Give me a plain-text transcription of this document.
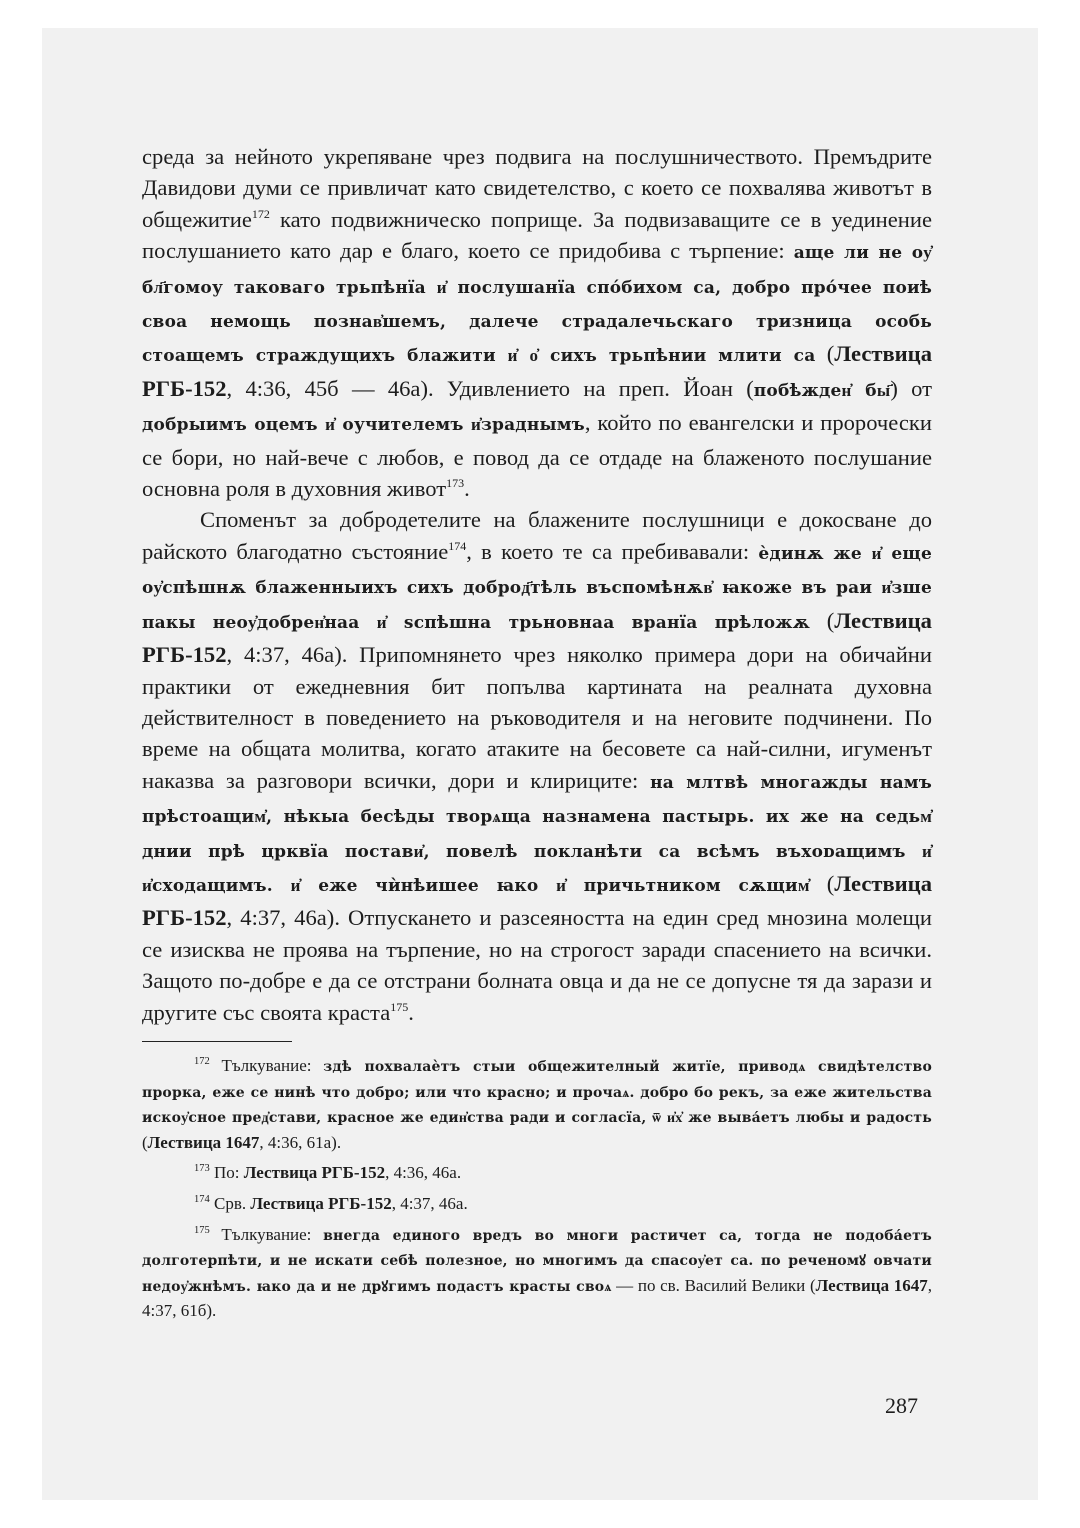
среда за нейното укрепяване чрез подвига на послушничеството. Премъдрите Давидови думи се привличат като свидетелство, с което се похвалява животът в общежитие$^{172}$ като подвижническо поприще. За подвизаващите се в уединение послушанието като дар е благо, което се придобива с търпение: аще ли не оу҆ бл҃гомоу таковаго трьпѣнїа и҆ послушанїа спо́бихом са, добро про́чее поиѣ своа немощь познав҆шемъ, далече страдалечьскаго тризница особь стоащемъ страждущихъ блажити и҆ о҆ сихъ трьпѣнии млити са (Лествица РГБ-152, 4:36, 45б — 46а). Удивлението на преп. Йоан (побѣжден҆ бы҃) от добрыимъ оцемъ и҆ оучителемъ и҆зраднымъ, който по евангелски и пророчески се бори, но най-вече с любов, е повод да се отдаде на блаженото послушание основна роля в духовния живот$^{173}$.

Споменът за добродетелите на блажените послушници е докосване до райското благодатно състояние$^{174}$, в което те са пребивавали: ѐдинѫ же и҆ еще оу҆спѣшнѫ блаженныихъ сихъ доброд҃тѣль въспомѣнѫв҆ ꙗкоже въ раи и҆зше пакы неоу҆добрен҆наа и҆ ѕспѣшна трьновнаа вранїа прѣложѫ (Лествица РГБ-152, 4:37, 46а). Припомнянето чрез няколко примера дори на обичайни практики от ежедневния бит попълва картината на реалната духовна действителност в поведението на ръководителя и на неговите подчинени. По време на общата молитва, когато атаките на бесовете са най-силни, игуменът наказва за разговори всички, дори и клириците: на млтвѣ многажды намъ прѣстоащим҆, нѣкыа бесѣды творѧща назнамена пастырь. их же на седьм҆ днии прѣ црквїа постави҆, повелѣ покланѣти са всѣмъ въхоᴅащимъ и҆ и҆сходащимъ. и҆ еже чѝнѣишее ꙗко и҆ причьтником сѫщим҆ (Лествица РГБ-152, 4:37, 46а). Отпускането и разсеяността на един сред мнозина молещи се изисква не проява на търпение, но на строгост заради спасението на всички. Защото по-добре е да се отстрани болната овца и да не се допусне тя да зарази и другите със своята краста$^{175}$.

$^{172}$ Тълкувание: здѣ похвалаѐтъ стыи общежителный житїе, приводѧ свидѣтелство прорка, еже се нинѣ что добро; или что красно; и прочаѧ. добро бо рекъ, за еже жительства искоу҆сное пред҆стави, красное же един҆ства ради и согласїа, ѿ и҆х҆ же выва́етъ любы и радость (Лествица 1647, 4:36, 61а).

$^{173}$ По: Лествица РГБ-152, 4:36, 46а.

$^{174}$ Срв. Лествица РГБ-152, 4:37, 46а.

$^{175}$ Тълкувание: внегда единого вредъ во многи растичет са, тогда не подоба́етъ долготерпѣти, и не искати себѣ полезное, но многимъ да спасоу҆ет са. по реченомꙋ овчати недоу҆жнѣмъ. ꙗко да и не дрꙋгимъ подастъ красты своѧ — по св. Василий Велики (Лествица 1647, 4:37, 61б).

287
